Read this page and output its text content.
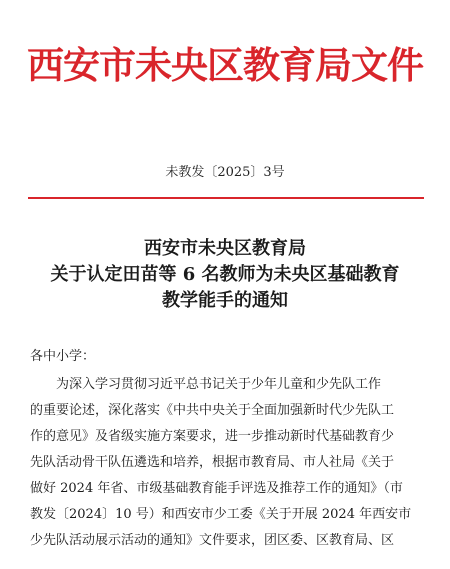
西安市未央区教育局文件
未教发〔2025〕3号
西安市未央区教育局
关于认定田苗等 6 名教师为未央区基础教育
教学能手的通知
各中小学：
为深入学习贯彻习近平总书记关于少年儿童和少先队工作
的重要论述，深化落实《中共中央关于全面加强新时代少先队工
作的意见》及省级实施方案要求，进一步推动新时代基础教育少
先队活动骨干队伍遴选和培养，根据市教育局、市人社局《关于
做好 2024 年省、市级基础教育能手评选及推荐工作的通知》（市
教发〔2024〕10 号）和西安市少工委《关于开展 2024 年西安市
少先队活动展示活动的通知》文件要求，团区委、区教育局、区
